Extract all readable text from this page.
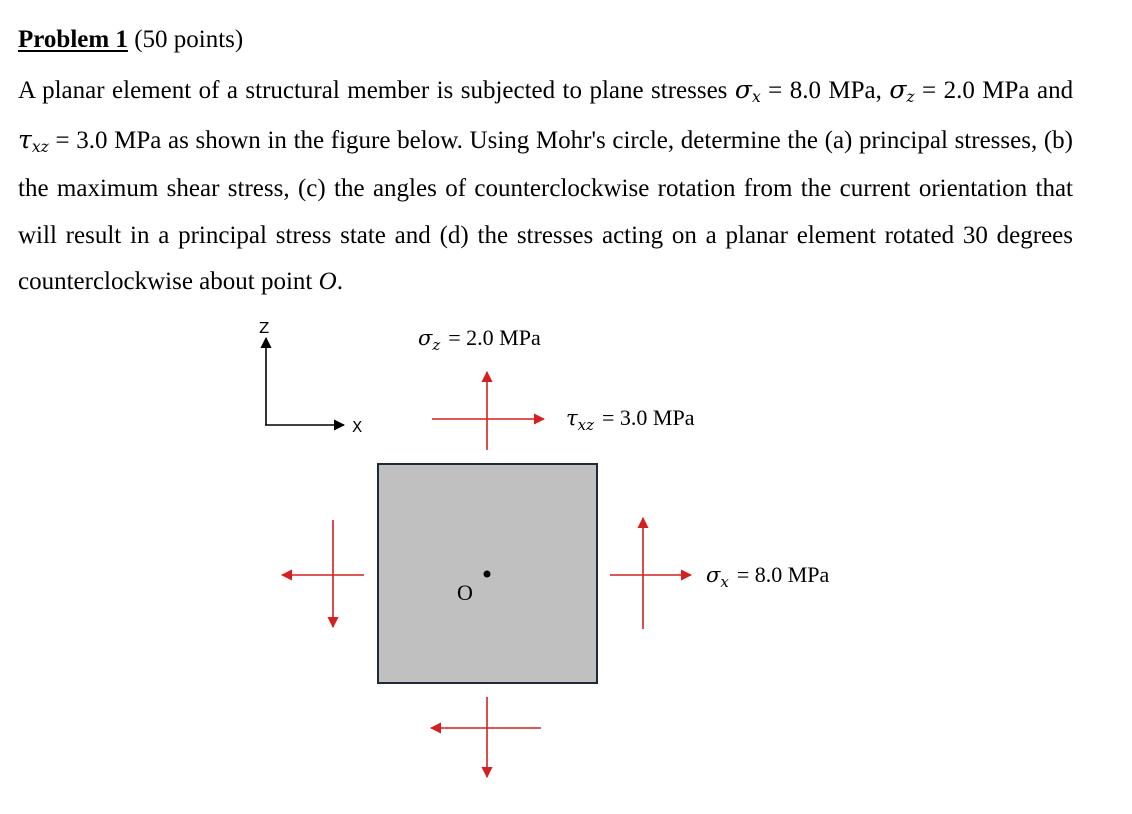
Problem 1 (50 points)

A planar element of a structural member is subjected to plane stresses σx = 8.0 MPa, σz = 2.0 MPa and τxz = 3.0 MPa as shown in the figure below. Using Mohr's circle, determine the (a) principal stresses, (b) the maximum shear stress, (c) the angles of counterclockwise rotation from the current orientation that will result in a principal stress state and (d) the stresses acting on a planar element rotated 30 degrees counterclockwise about point O.

Z
X
σz = 2.0 MPa
τxz = 3.0 MPa
σx = 8.0 MPa
O
